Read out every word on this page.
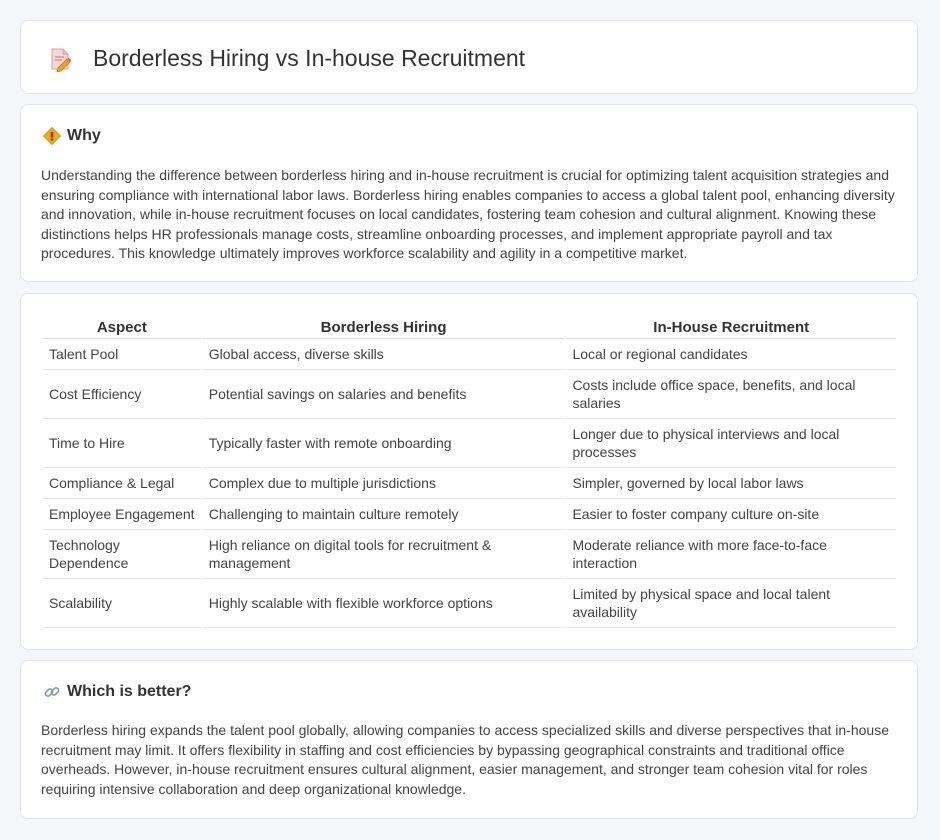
Borderless Hiring vs In-house Recruitment
Why
Understanding the difference between borderless hiring and in-house recruitment is crucial for optimizing talent acquisition strategies and ensuring compliance with international labor laws. Borderless hiring enables companies to access a global talent pool, enhancing diversity and innovation, while in-house recruitment focuses on local candidates, fostering team cohesion and cultural alignment. Knowing these distinctions helps HR professionals manage costs, streamline onboarding processes, and implement appropriate payroll and tax procedures. This knowledge ultimately improves workforce scalability and agility in a competitive market.
Aspect	Borderless Hiring	In-House Recruitment
Talent Pool	Global access, diverse skills	Local or regional candidates
Cost Efficiency	Potential savings on salaries and benefits	Costs include office space, benefits, and local salaries
Time to Hire	Typically faster with remote onboarding	Longer due to physical interviews and local processes
Compliance & Legal	Complex due to multiple jurisdictions	Simpler, governed by local labor laws
Employee Engagement	Challenging to maintain culture remotely	Easier to foster company culture on-site
Technology Dependence	High reliance on digital tools for recruitment & management	Moderate reliance with more face-to-face interaction
Scalability	Highly scalable with flexible workforce options	Limited by physical space and local talent availability
Which is better?
Borderless hiring expands the talent pool globally, allowing companies to access specialized skills and diverse perspectives that in-house recruitment may limit. It offers flexibility in staffing and cost efficiencies by bypassing geographical constraints and traditional office overheads. However, in-house recruitment ensures cultural alignment, easier management, and stronger team cohesion vital for roles requiring intensive collaboration and deep organizational knowledge.
